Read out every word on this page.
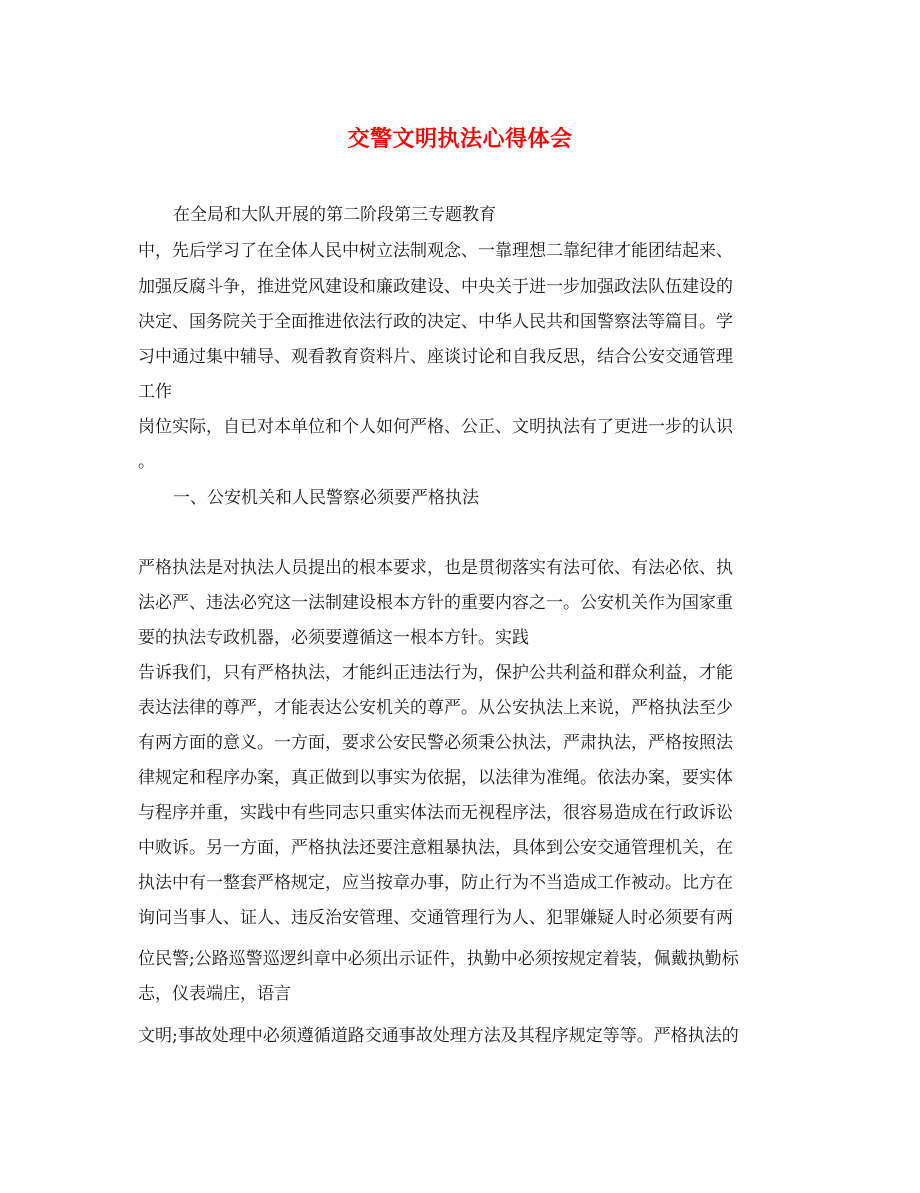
交警文明执法心得体会
在全局和大队开展的第二阶段第三专题教育
中，先后学习了在全体人民中树立法制观念、一靠理想二靠纪律才能团结起来、
加强反腐斗争，推进党风建设和廉政建设、中央关于进一步加强政法队伍建设的
决定、国务院关于全面推进依法行政的决定、中华人民共和国警察法等篇目。学
习中通过集中辅导、观看教育资料片、座谈讨论和自我反思，结合公安交通管理
工作
岗位实际，自已对本单位和个人如何严格、公正、文明执法有了更进一步的认识
。
一、公安机关和人民警察必须要严格执法
严格执法是对执法人员提出的根本要求，也是贯彻落实有法可依、有法必依、执
法必严、违法必究这一法制建设根本方针的重要内容之一。公安机关作为国家重
要的执法专政机器，必须要遵循这一根本方针。实践
告诉我们，只有严格执法，才能纠正违法行为，保护公共利益和群众利益，才能
表达法律的尊严，才能表达公安机关的尊严。从公安执法上来说，严格执法至少
有两方面的意义。一方面，要求公安民警必须秉公执法，严肃执法，严格按照法
律规定和程序办案，真正做到以事实为依据，以法律为准绳。依法办案，要实体
与程序并重，实践中有些同志只重实体法而无视程序法，很容易造成在行政诉讼
中败诉。另一方面，严格执法还要注意粗暴执法，具体到公安交通管理机关，在
执法中有一整套严格规定，应当按章办事，防止行为不当造成工作被动。比方在
询问当事人、证人、违反治安管理、交通管理行为人、犯罪嫌疑人时必须要有两
位民警;公路巡警巡逻纠章中必须出示证件，执勤中必须按规定着装，佩戴执勤标
志，仪表端庄，语言
文明;事故处理中必须遵循道路交通事故处理方法及其程序规定等等。严格执法的
